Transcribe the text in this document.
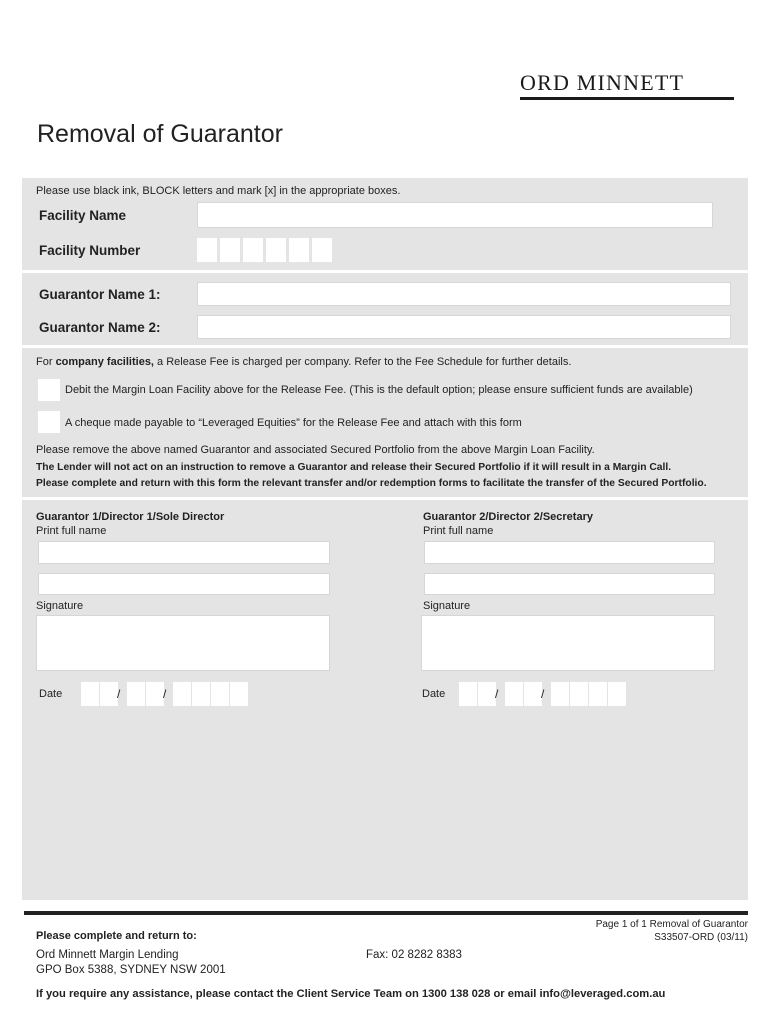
ORD MINNETT
Removal of Guarantor
Please use black ink, BLOCK letters and mark [x] in the appropriate boxes.
Facility Name
Facility Number
Guarantor Name 1:
Guarantor Name 2:
For company facilities, a Release Fee is charged per company. Refer to the Fee Schedule for further details.
Debit the Margin Loan Facility above for the Release Fee. (This is the default option; please ensure sufficient funds are available)
A cheque made payable to “Leveraged Equities” for the Release Fee and attach with this form
Please remove the above named Guarantor and associated Secured Portfolio from the above Margin Loan Facility.
The Lender will not act on an instruction to remove a Guarantor and release their Secured Portfolio if it will result in a Margin Call.
Please complete and return with this form the relevant transfer and/or redemption forms to facilitate the transfer of the Secured Portfolio.
Guarantor 1/Director 1/Sole Director
Print full name
Signature
Date	/	/
Guarantor 2/Director 2/Secretary
Print full name
Signature
Date	/	/
Page 1 of 1 Removal of Guarantor
S33507-ORD (03/11)
Please complete and return to:
Ord Minnett Margin Lending
GPO Box 5388, SYDNEY NSW 2001
Fax: 02 8282 8383
If you require any assistance, please contact the Client Service Team on 1300 138 028 or email info@leveraged.com.au
